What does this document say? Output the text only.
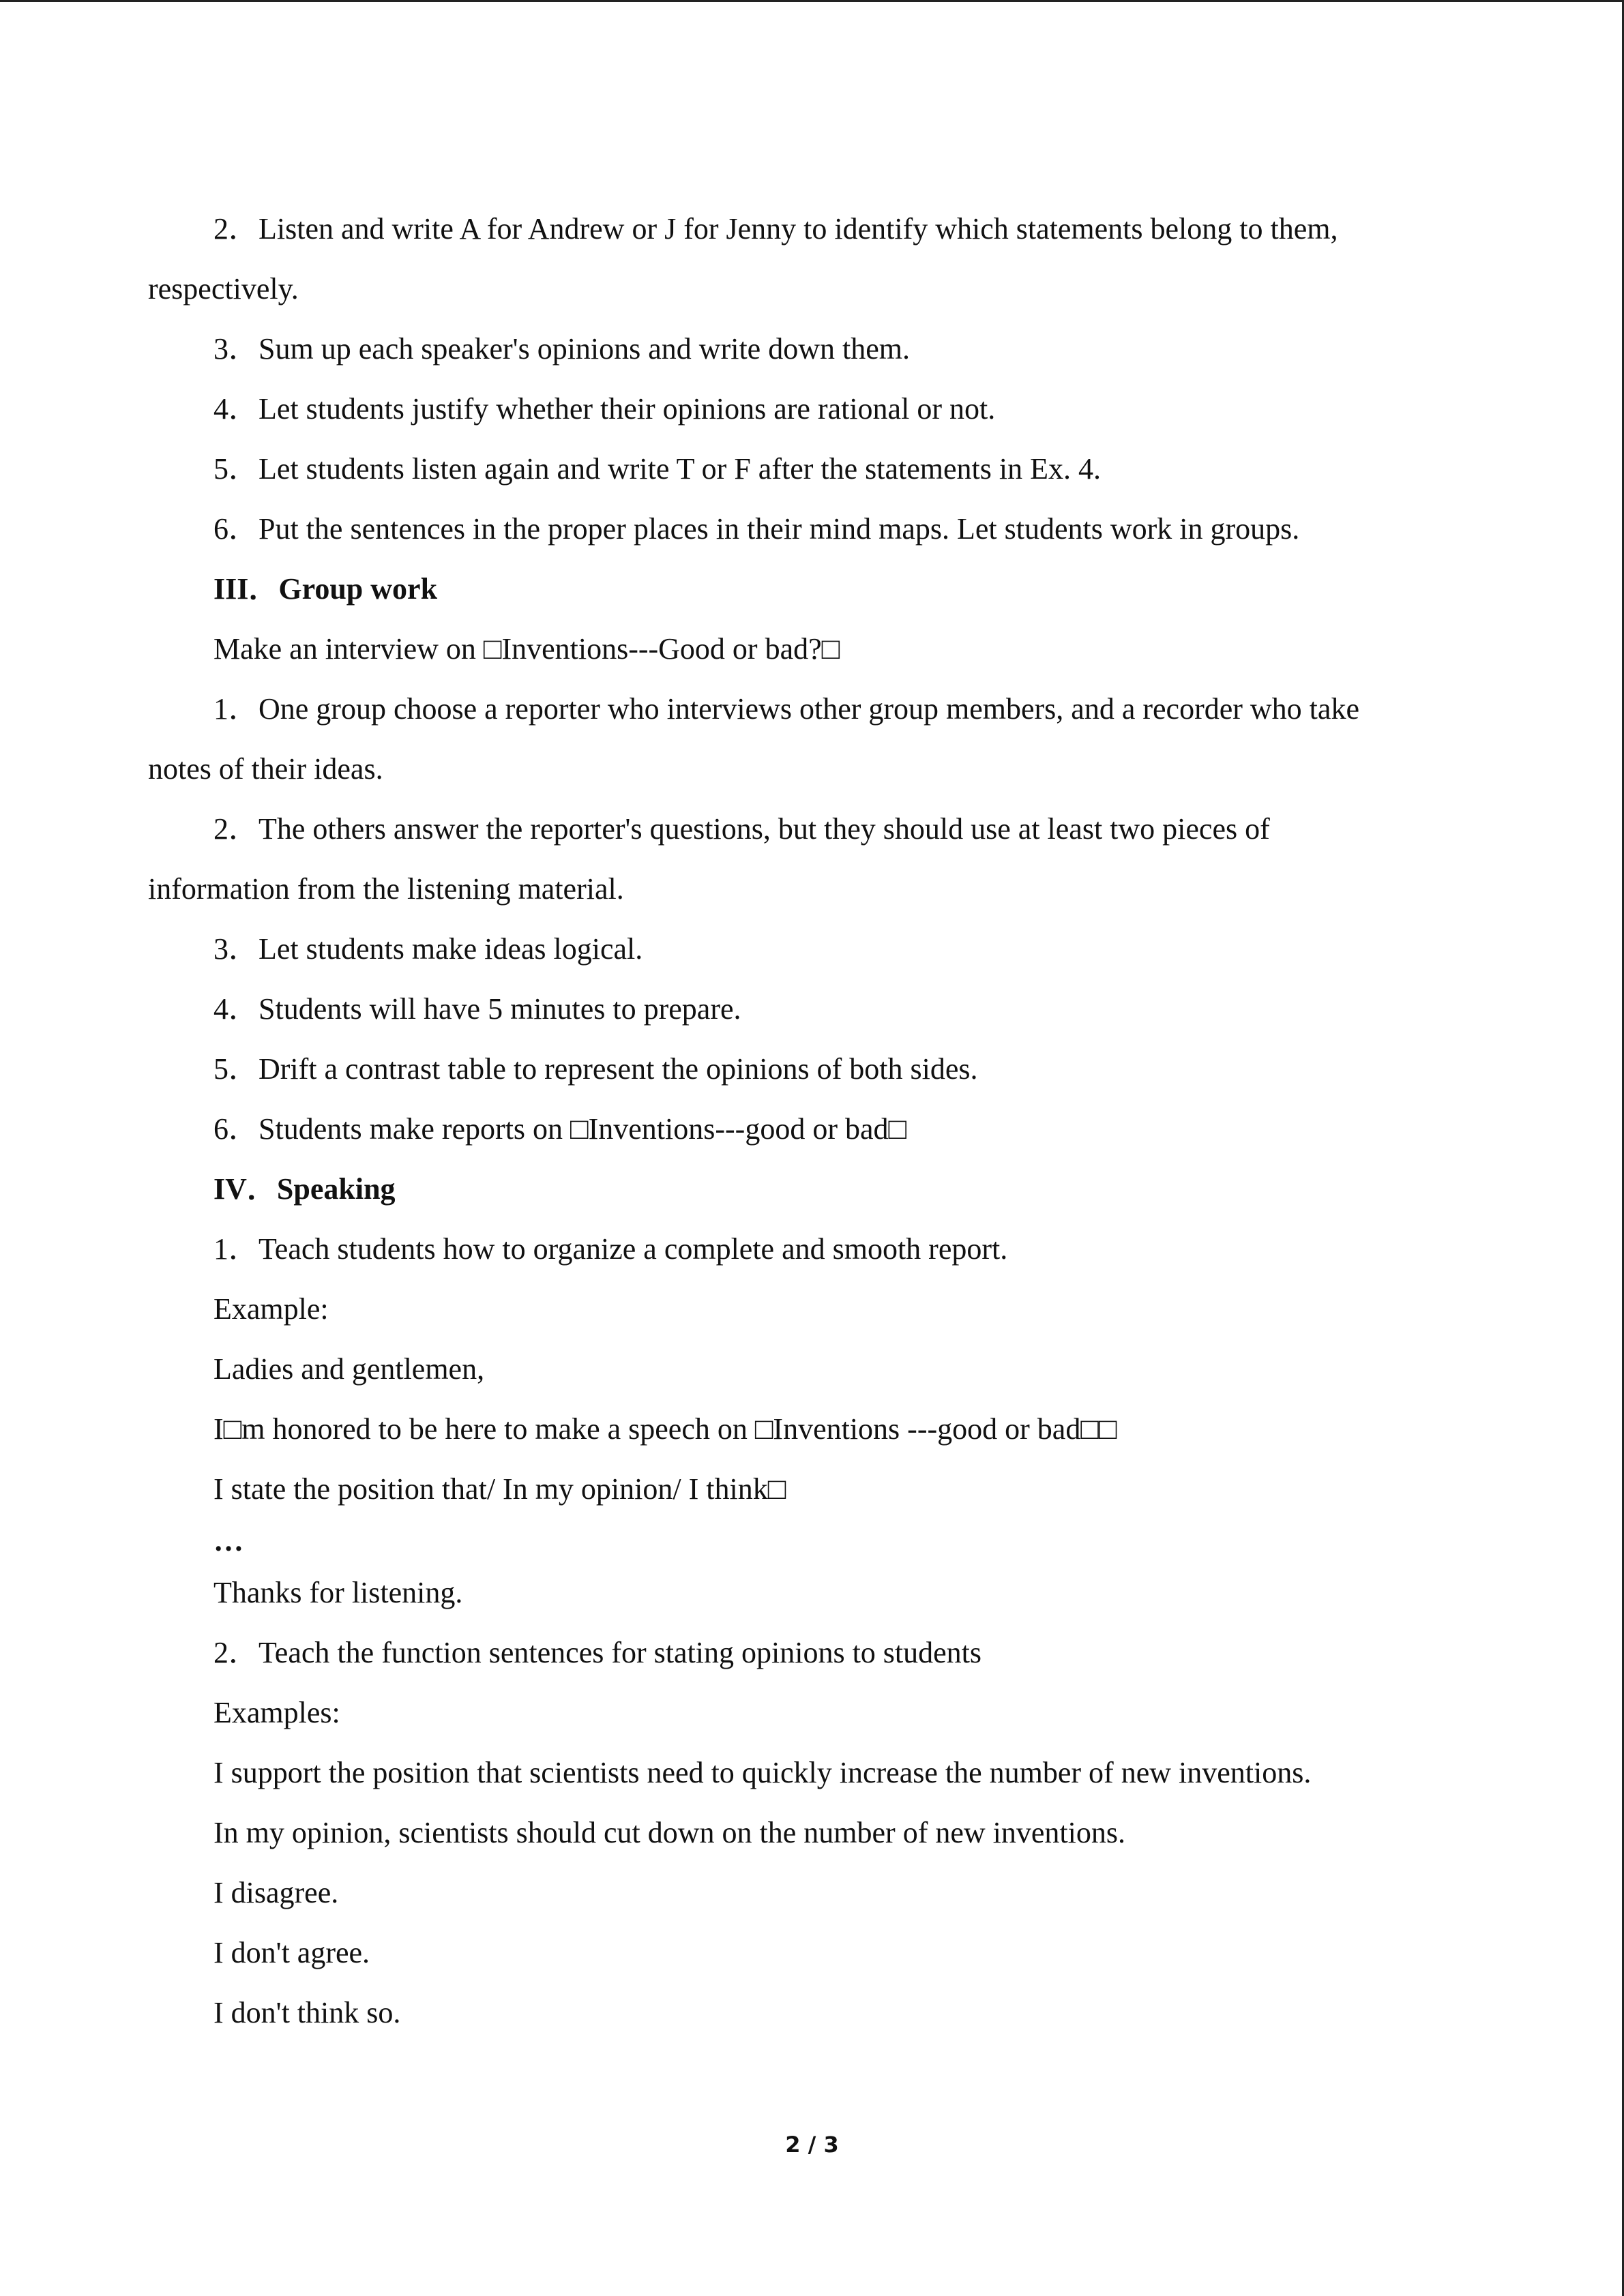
2．Listen and write A for Andrew or J for Jenny to identify which statements belong to them,

respectively.

3．Sum up each speaker's opinions and write down them.

4．Let students justify whether their opinions are rational or not.

5．Let students listen again and write T or F after the statements in Ex. 4.

6．Put the sentences in the proper places in their mind maps. Let students work in groups.

III．Group work

Make an interview on □Inventions---Good or bad?□

1．One group choose a reporter who interviews other group members, and a recorder who take

notes of their ideas.

2．The others answer the reporter's questions, but they should use at least two pieces of

information from the listening material.

3．Let students make ideas logical.

4．Students will have 5 minutes to prepare.

5．Drift a contrast table to represent the opinions of both sides.

6．Students make reports on □Inventions---good or bad□

IV．Speaking

1．Teach students how to organize a complete and smooth report.

Example:

Ladies and gentlemen,

I□m honored to be here to make a speech on □Inventions ---good or bad□□

I state the position that/ In my opinion/ I think□

…

Thanks for listening.

2．Teach the function sentences for stating opinions to students

Examples:

I support the position that scientists need to quickly increase the number of new inventions.

In my opinion, scientists should cut down on the number of new inventions.

I disagree.

I don't agree.

I don't think so.

2 / 3
